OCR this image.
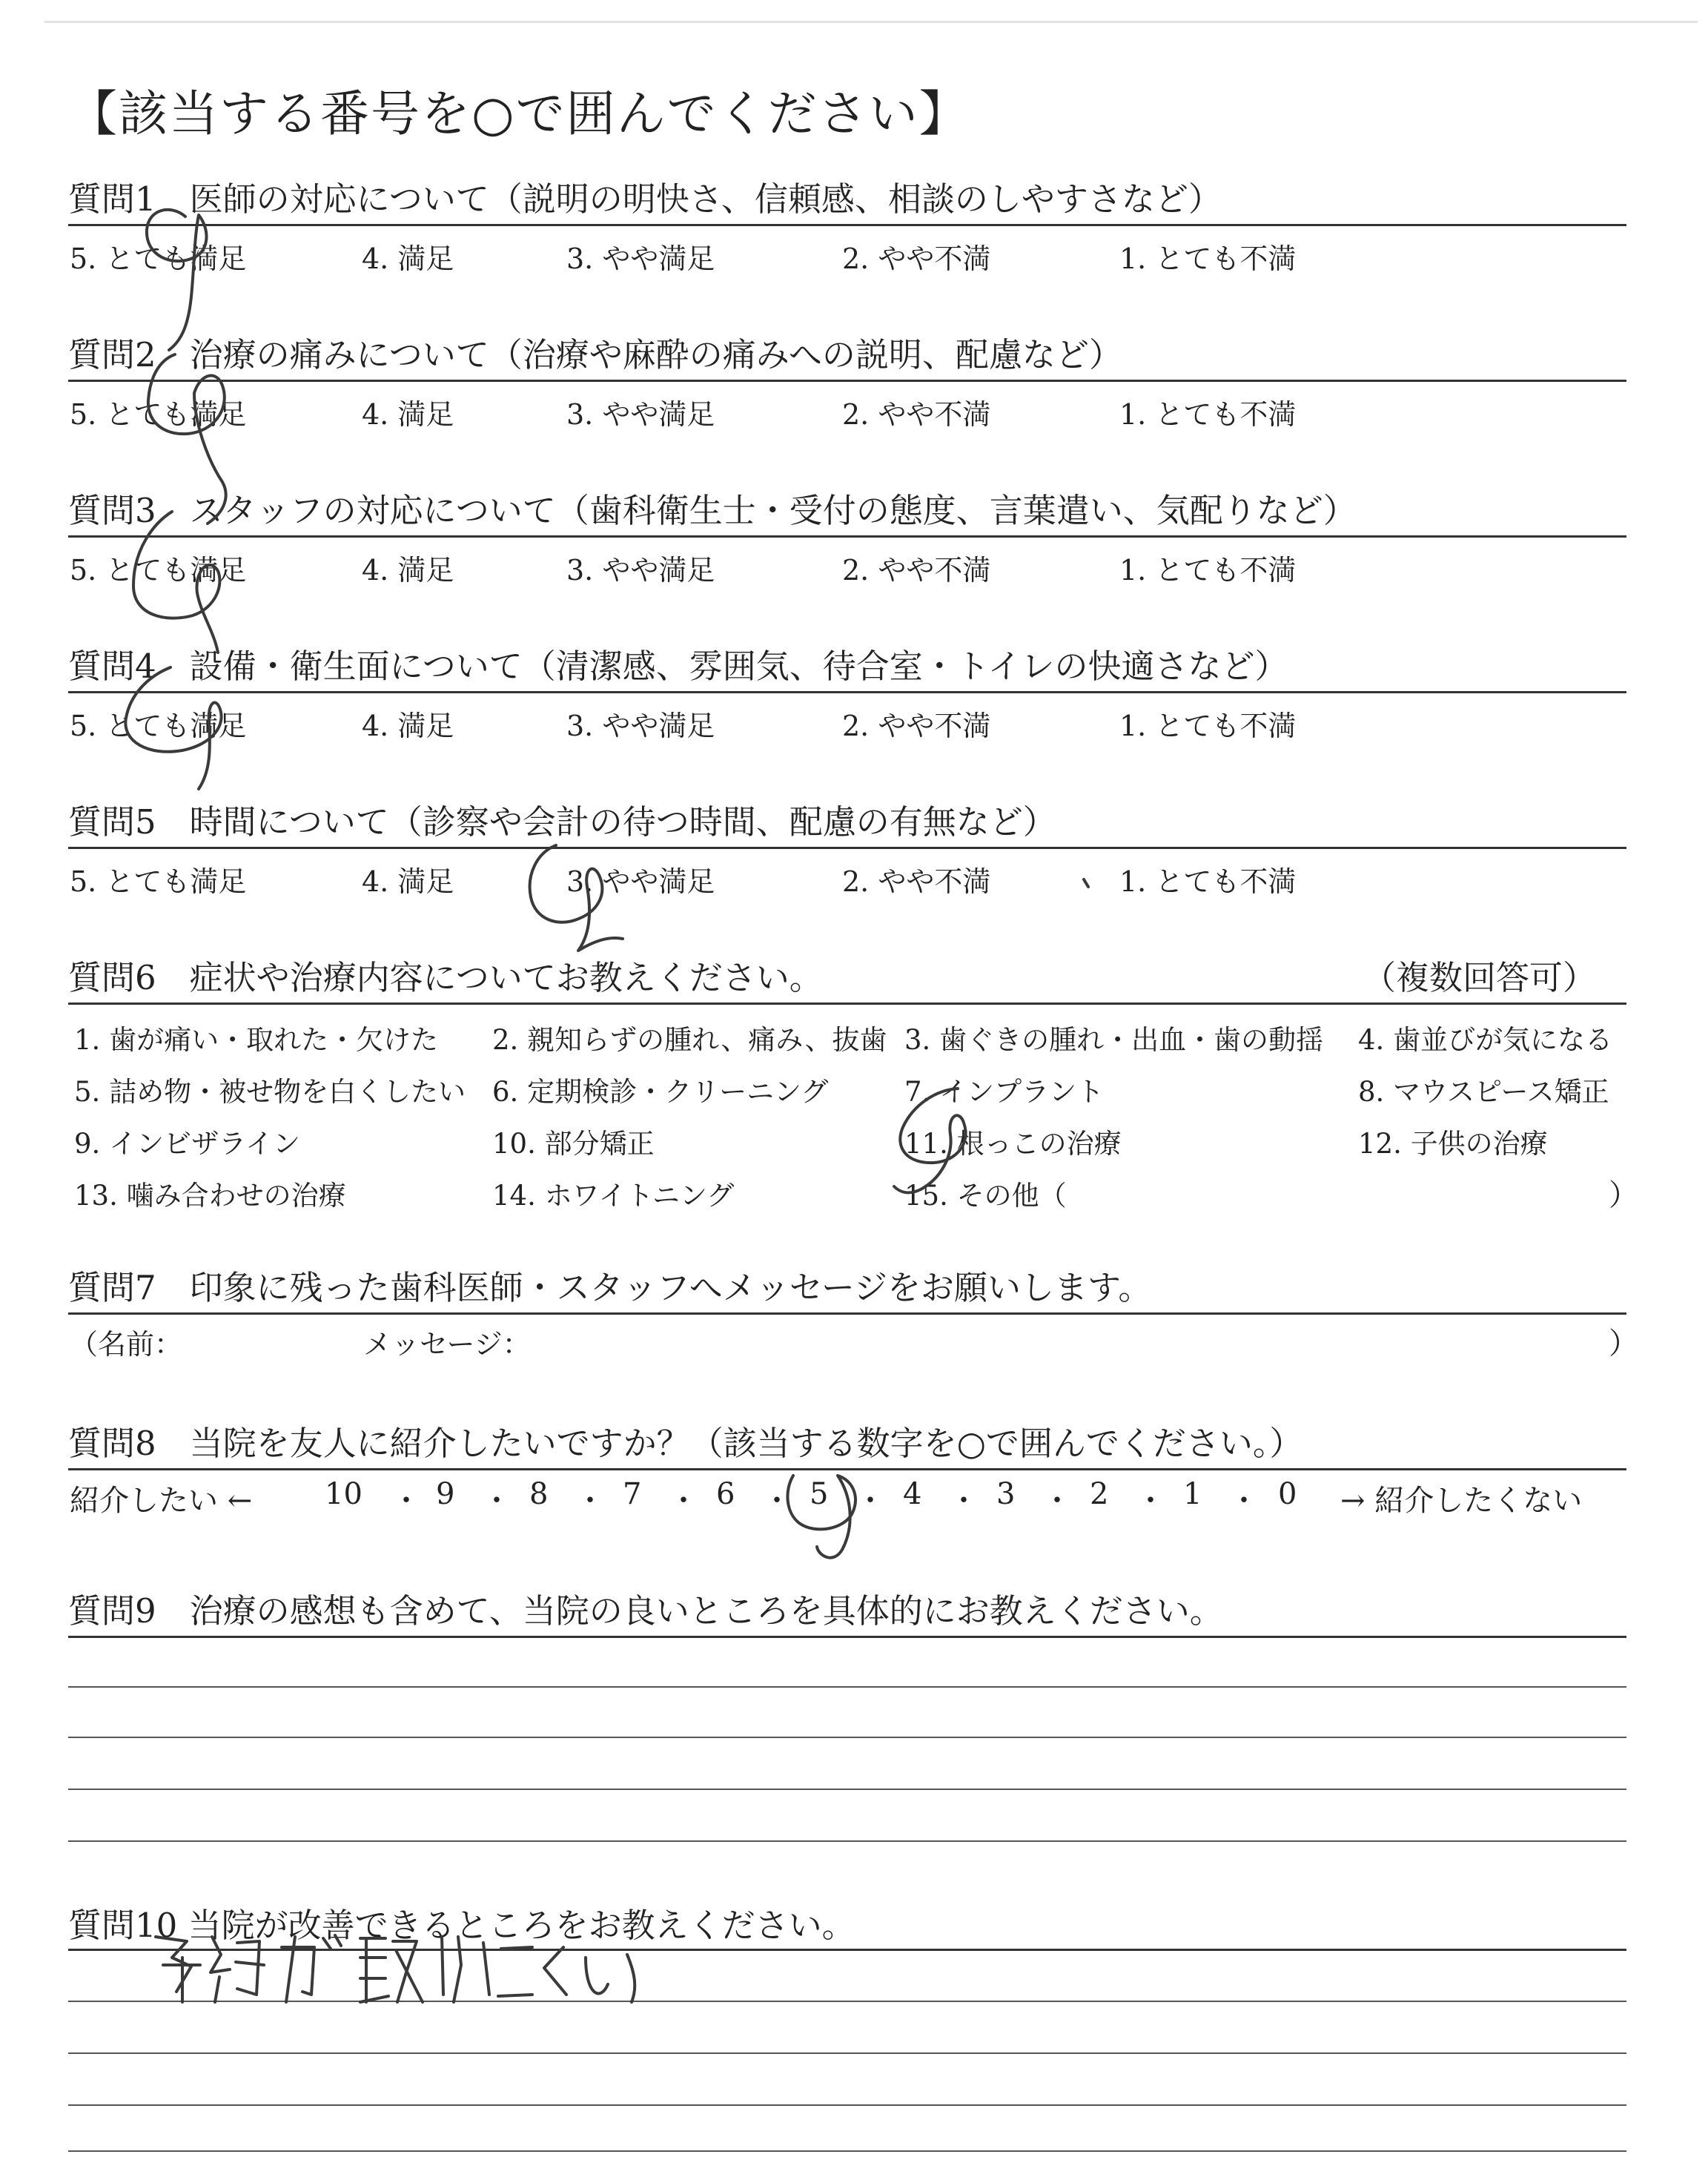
【該当する番号を○で囲んでください】
質問1　医師の対応について（説明の明快さ、信頼感、相談のしやすさなど）
5. とても満足	4. 満足	3. やや満足	2. やや不満	1. とても不満
質問2　治療の痛みについて（治療や麻酔の痛みへの説明、配慮など）
5. とても満足	4. 満足	3. やや満足	2. やや不満	1. とても不満
質問3　スタッフの対応について（歯科衛生士・受付の態度、言葉遣い、気配りなど）
5. とても満足	4. 満足	3. やや満足	2. やや不満	1. とても不満
質問4　設備・衛生面について（清潔感、雰囲気、待合室・トイレの快適さなど）
5. とても満足	4. 満足	3. やや満足	2. やや不満	1. とても不満
質問5　時間について（診察や会計の待つ時間、配慮の有無など）
5. とても満足	4. 満足	3. やや満足	2. やや不満	1. とても不満
質問6　症状や治療内容についてお教えください。	（複数回答可）
1. 歯が痛い・取れた・欠けた 2. 親知らずの腫れ、痛み、抜歯 3. 歯ぐきの腫れ・出血・歯の動揺 4. 歯並びが気になる
5. 詰め物・被せ物を白くしたい 6. 定期検診・クリーニング	7. インプラント	8. マウスピース矯正
9. インビザライン	10. 部分矯正	11. 根っこの治療	12. 子供の治療
13. 噛み合わせの治療	14. ホワイトニング	15. その他（	）
質問7　印象に残った歯科医師・スタッフへメッセージをお願いします。
（名前：	メッセージ：	）
質問8　当院を友人に紹介したいですか？（該当する数字を○で囲んでください。）
紹介したい ← 10 ・ 9 ・ 8 ・ 7 ・ 6 ・ 5 ・ 4 ・ 3 ・ 2 ・ 1 ・ 0 → 紹介したくない
質問9　治療の感想も含めて、当院の良いところを具体的にお教えください。
質問10 当院が改善できるところをお教えください。
